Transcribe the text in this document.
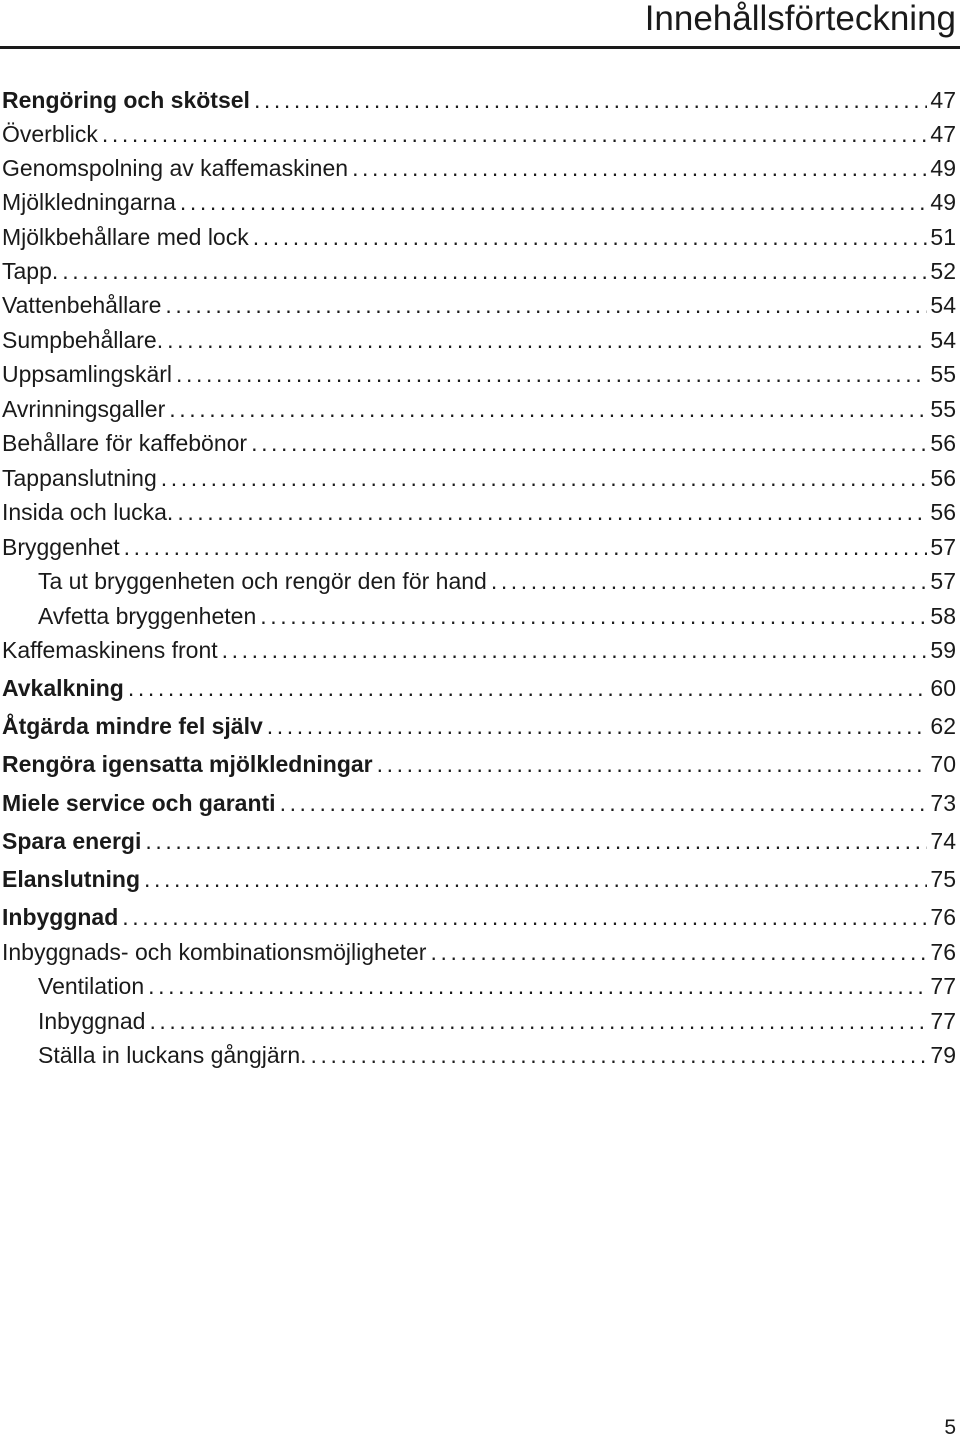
Innehållsförteckning
Rengöring och skötsel .....	47
Överblick .....	47
Genomspolning av kaffemaskinen .....	49
Mjölkledningarna .....	49
Mjölkbehållare med lock .....	51
Tapp. .....	52
Vattenbehållare .....	54
Sumpbehållare. .....	54
Uppsamlingskärl .....	55
Avrinningsgaller .....	55
Behållare för kaffebönor .....	56
Tappanslutning .....	56
Insida och lucka. .....	56
Bryggenhet .....	57
Ta ut bryggenheten och rengör den för hand .....	57
Avfetta bryggenheten .....	58
Kaffemaskinens front .....	59
Avkalkning .....	60
Åtgärda mindre fel själv .....	62
Rengöra igensatta mjölkledningar .....	70
Miele service och garanti .....	73
Spara energi .....	74
Elanslutning .....	75
Inbyggnad .....	76
Inbyggnads- och kombinationsmöjligheter .....	76
Ventilation .....	77
Inbyggnad .....	77
Ställa in luckans gångjärn. .....	79
5
